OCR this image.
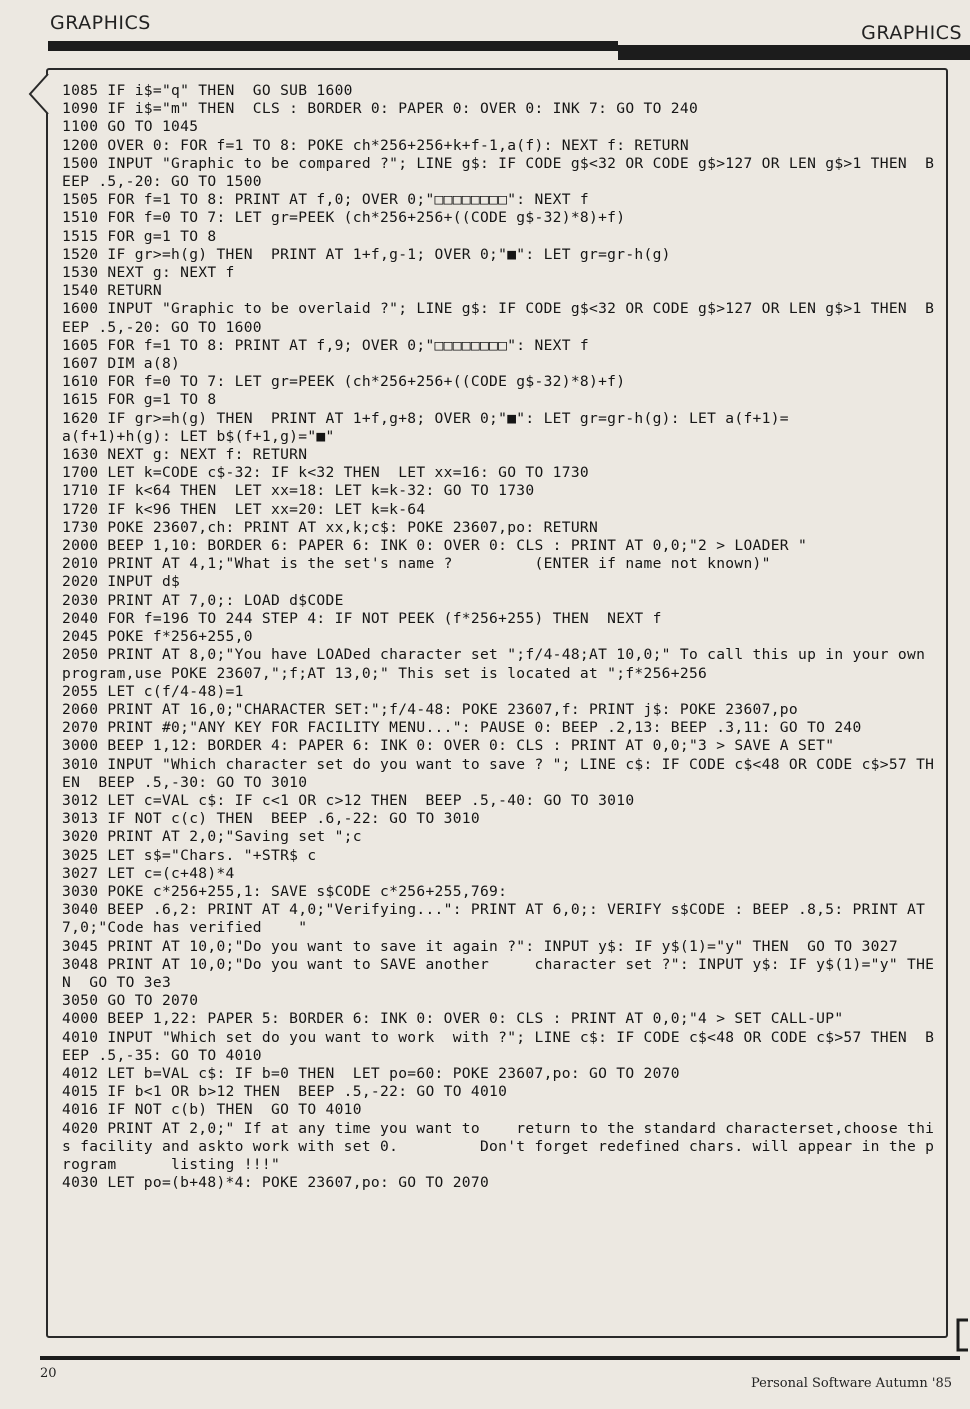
GRAPHICS	GRAPHICS
1085 IF i$="q" THEN  GO SUB 1600
1090 IF i$="m" THEN  CLS : BORDER 0: PAPER 0: OVER 0: INK 7: GO TO 240
1100 GO TO 1045
1200 OVER 0: FOR f=1 TO 8: POKE ch*256+256+k+f-1,a(f): NEXT f: RETURN
1500 INPUT "Graphic to be compared ?"; LINE g$: IF CODE g$<32 OR CODE g$>127 OR LEN g$>1 THEN  BEEP .5,-20: GO TO 1500
1505 FOR f=1 TO 8: PRINT AT f,0; OVER 0;"□□□□□□□□": NEXT f
1510 FOR f=0 TO 7: LET gr=PEEK (ch*256+256+((CODE g$-32)*8)+f)
1515 FOR g=1 TO 8
1520 IF gr>=h(g) THEN  PRINT AT 1+f,g-1; OVER 0;"■": LET gr=gr-h(g)
1530 NEXT g: NEXT f
1540 RETURN
1600 INPUT "Graphic to be overlaid ?"; LINE g$: IF CODE g$<32 OR CODE g$>127 OR LEN g$>1 THEN  BEEP .5,-20: GO TO 1600
1605 FOR f=1 TO 8: PRINT AT f,9; OVER 0;"□□□□□□□□": NEXT f
1607 DIM a(8)
1610 FOR f=0 TO 7: LET gr=PEEK (ch*256+256+((CODE g$-32)*8)+f)
1615 FOR g=1 TO 8
1620 IF gr>=h(g) THEN  PRINT AT 1+f,g+8; OVER 0;"■": LET gr=gr-h(g): LET a(f+1)=
a(f+1)+h(g): LET b$(f+1,g)="■"
1630 NEXT g: NEXT f: RETURN
1700 LET k=CODE c$-32: IF k<32 THEN  LET xx=16: GO TO 1730
1710 IF k<64 THEN  LET xx=18: LET k=k-32: GO TO 1730
1720 IF k<96 THEN  LET xx=20: LET k=k-64
1730 POKE 23607,ch: PRINT AT xx,k;c$: POKE 23607,po: RETURN
2000 BEEP 1,10: BORDER 6: PAPER 6: INK 0: OVER 0: CLS : PRINT AT 0,0;"2 > LOADER "
2010 PRINT AT 4,1;"What is the set's name ?         (ENTER if name not known)"
2020 INPUT d$
2030 PRINT AT 7,0;: LOAD d$CODE
2040 FOR f=196 TO 244 STEP 4: IF NOT PEEK (f*256+255) THEN  NEXT f
2045 POKE f*256+255,0
2050 PRINT AT 8,0;"You have LOADed character set ";f/4-48;AT 10,0;" To call this up in your own   program,use POKE 23607,";f;AT 13,0;" This set is located at ";f*256+256
2055 LET c(f/4-48)=1
2060 PRINT AT 16,0;"CHARACTER SET:";f/4-48: POKE 23607,f: PRINT j$: POKE 23607,po
2070 PRINT #0;"ANY KEY FOR FACILITY MENU...": PAUSE 0: BEEP .2,13: BEEP .3,11: GO TO 240
3000 BEEP 1,12: BORDER 4: PAPER 6: INK 0: OVER 0: CLS : PRINT AT 0,0;"3 > SAVE A SET"
3010 INPUT "Which character set do you want to save ? "; LINE c$: IF CODE c$<48 OR CODE c$>57 THEN  BEEP .5,-30: GO TO 3010
3012 LET c=VAL c$: IF c<1 OR c>12 THEN  BEEP .5,-40: GO TO 3010
3013 IF NOT c(c) THEN  BEEP .6,-22: GO TO 3010
3020 PRINT AT 2,0;"Saving set ";c
3025 LET s$="Chars. "+STR$ c
3027 LET c=(c+48)*4
3030 POKE c*256+255,1: SAVE s$CODE c*256+255,769:
3040 BEEP .6,2: PRINT AT 4,0;"Verifying...": PRINT AT 6,0;: VERIFY s$CODE : BEEP .8,5: PRINT AT 7,0;"Code has verified    "
3045 PRINT AT 10,0;"Do you want to save it again ?": INPUT y$: IF y$(1)="y" THEN  GO TO 3027
3048 PRINT AT 10,0;"Do you want to SAVE another     character set ?": INPUT y$: IF y$(1)="y" THEN  GO TO 3e3
3050 GO TO 2070
4000 BEEP 1,22: PAPER 5: BORDER 6: INK 0: OVER 0: CLS : PRINT AT 0,0;"4 > SET CALL-UP"
4010 INPUT "Which set do you want to work  with ?"; LINE c$: IF CODE c$<48 OR CODE c$>57 THEN  BEEP .5,-35: GO TO 4010
4012 LET b=VAL c$: IF b=0 THEN  LET po=60: POKE 23607,po: GO TO 2070
4015 IF b<1 OR b>12 THEN  BEEP .5,-22: GO TO 4010
4016 IF NOT c(b) THEN  GO TO 4010
4020 PRINT AT 2,0;" If at any time you want to    return to the standard characterset,choose this facility and askto work with set 0.         Don't forget redefined chars. will appear in the program      listing !!!"
4030 LET po=(b+48)*4: POKE 23607,po: GO TO 2070
20
Personal Software Autumn '85
